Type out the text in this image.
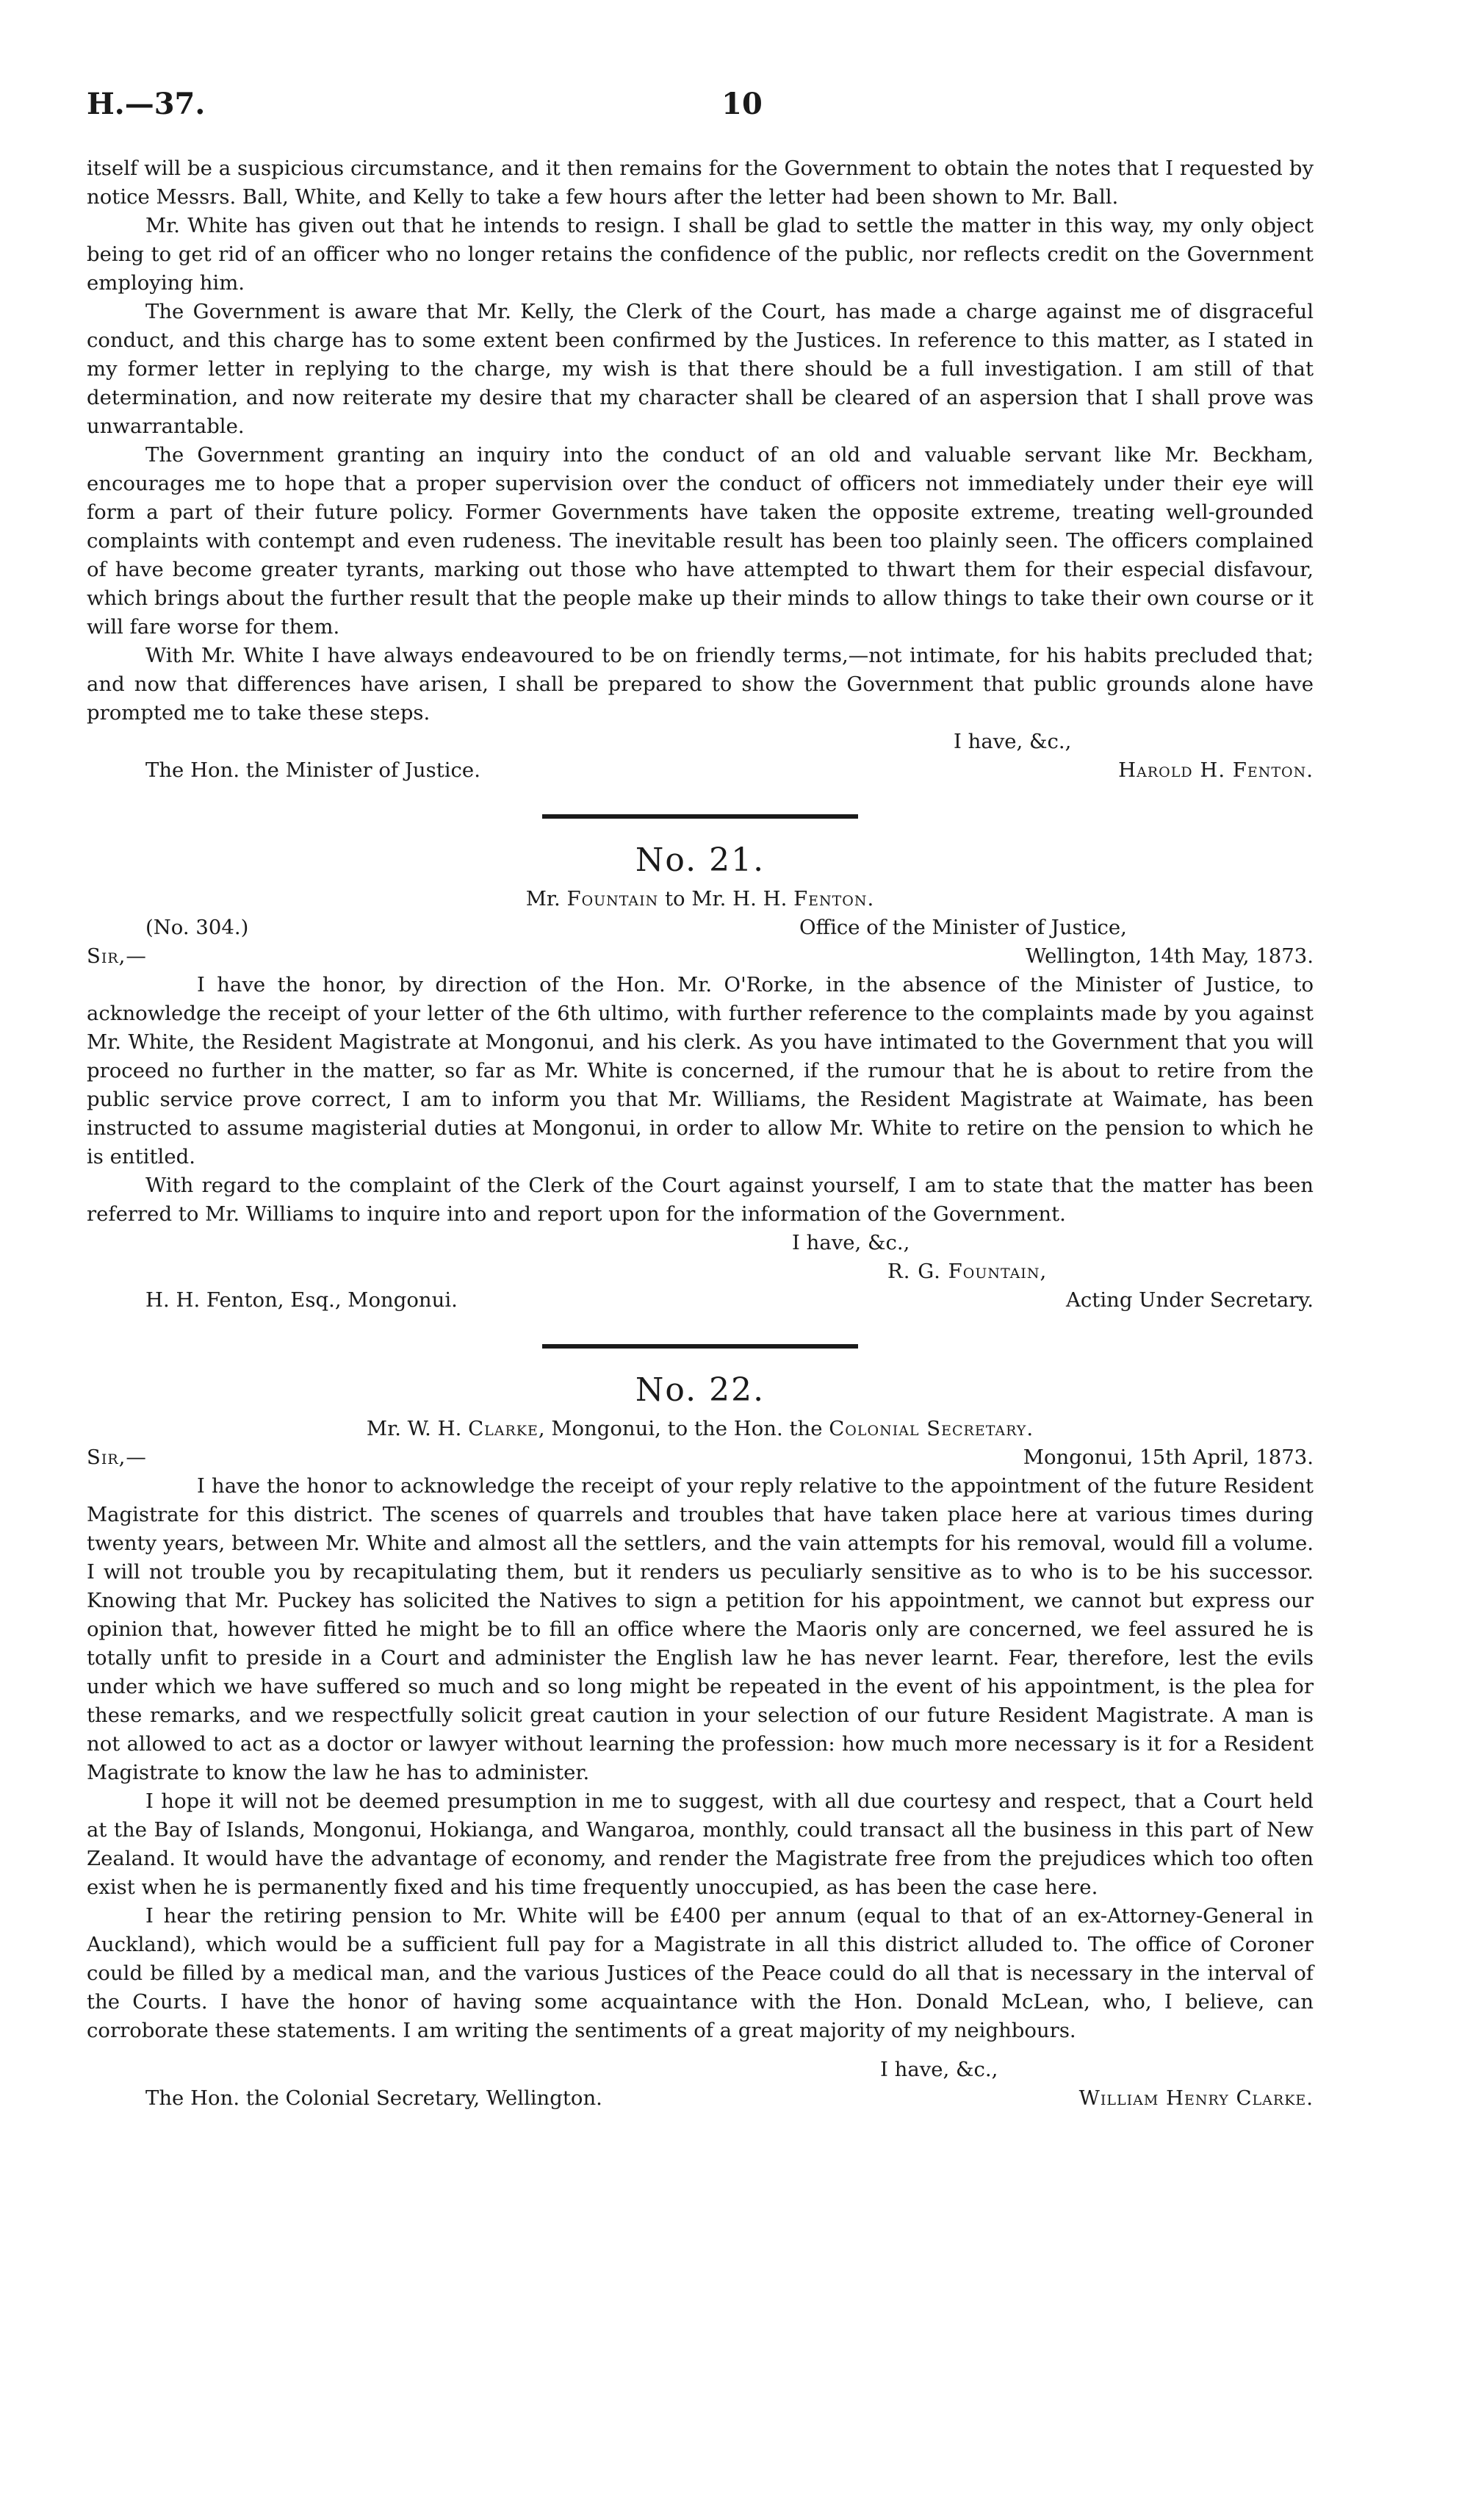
H.—37.	10

itself will be a suspicious circumstance, and it then remains for the Government to obtain the notes that I requested by notice Messrs. Ball, White, and Kelly to take a few hours after the letter had been shown to Mr. Ball.

Mr. White has given out that he intends to resign. I shall be glad to settle the matter in this way, my only object being to get rid of an officer who no longer retains the confidence of the public, nor reflects credit on the Government employing him.

The Government is aware that Mr. Kelly, the Clerk of the Court, has made a charge against me of disgraceful conduct, and this charge has to some extent been confirmed by the Justices. In reference to this matter, as I stated in my former letter in replying to the charge, my wish is that there should be a full investigation. I am still of that determination, and now reiterate my desire that my character shall be cleared of an aspersion that I shall prove was unwarrantable.

The Government granting an inquiry into the conduct of an old and valuable servant like Mr. Beckham, encourages me to hope that a proper supervision over the conduct of officers not immediately under their eye will form a part of their future policy. Former Governments have taken the opposite extreme, treating well-grounded complaints with contempt and even rudeness. The inevitable result has been too plainly seen. The officers complained of have become greater tyrants, marking out those who have attempted to thwart them for their especial disfavour, which brings about the further result that the people make up their minds to allow things to take their own course or it will fare worse for them.

With Mr. White I have always endeavoured to be on friendly terms,—not intimate, for his habits precluded that; and now that differences have arisen, I shall be prepared to show the Government that public grounds alone have prompted me to take these steps.

I have, &c.,
The Hon. the Minister of Justice.	Harold H. Fenton.
No. 21.
Mr. Fountain to Mr. H. H. Fenton.
(No. 304.)	Office of the Minister of Justice,
Sir,—	Wellington, 14th May, 1873.

I have the honor, by direction of the Hon. Mr. O'Rorke, in the absence of the Minister of Justice, to acknowledge the receipt of your letter of the 6th ultimo, with further reference to the complaints made by you against Mr. White, the Resident Magistrate at Mongonui, and his clerk. As you have intimated to the Government that you will proceed no further in the matter, so far as Mr. White is concerned, if the rumour that he is about to retire from the public service prove correct, I am to inform you that Mr. Williams, the Resident Magistrate at Waimate, has been instructed to assume magisterial duties at Mongonui, in order to allow Mr. White to retire on the pension to which he is entitled.

With regard to the complaint of the Clerk of the Court against yourself, I am to state that the matter has been referred to Mr. Williams to inquire into and report upon for the information of the Government.

I have, &c.,
R. G. Fountain,
H. H. Fenton, Esq., Mongonui.	Acting Under Secretary.
No. 22.
Mr. W. H. Clarke, Mongonui, to the Hon. the Colonial Secretary.
Sir,—	Mongonui, 15th April, 1873.

I have the honor to acknowledge the receipt of your reply relative to the appointment of the future Resident Magistrate for this district. The scenes of quarrels and troubles that have taken place here at various times during twenty years, between Mr. White and almost all the settlers, and the vain attempts for his removal, would fill a volume. I will not trouble you by recapitulating them, but it renders us peculiarly sensitive as to who is to be his successor. Knowing that Mr. Puckey has solicited the Natives to sign a petition for his appointment, we cannot but express our opinion that, however fitted he might be to fill an office where the Maoris only are concerned, we feel assured he is totally unfit to preside in a Court and administer the English law he has never learnt. Fear, therefore, lest the evils under which we have suffered so much and so long might be repeated in the event of his appointment, is the plea for these remarks, and we respectfully solicit great caution in your selection of our future Resident Magistrate. A man is not allowed to act as a doctor or lawyer without learning the profession: how much more necessary is it for a Resident Magistrate to know the law he has to administer.

I hope it will not be deemed presumption in me to suggest, with all due courtesy and respect, that a Court held at the Bay of Islands, Mongonui, Hokianga, and Wangaroa, monthly, could transact all the business in this part of New Zealand. It would have the advantage of economy, and render the Magistrate free from the prejudices which too often exist when he is permanently fixed and his time frequently unoccupied, as has been the case here.

I hear the retiring pension to Mr. White will be £400 per annum (equal to that of an ex-Attorney-General in Auckland), which would be a sufficient full pay for a Magistrate in all this district alluded to. The office of Coroner could be filled by a medical man, and the various Justices of the Peace could do all that is necessary in the interval of the Courts. I have the honor of having some acquaintance with the Hon. Donald McLean, who, I believe, can corroborate these statements. I am writing the sentiments of a great majority of my neighbours.

I have, &c.,
The Hon. the Colonial Secretary, Wellington.	William Henry Clarke.
